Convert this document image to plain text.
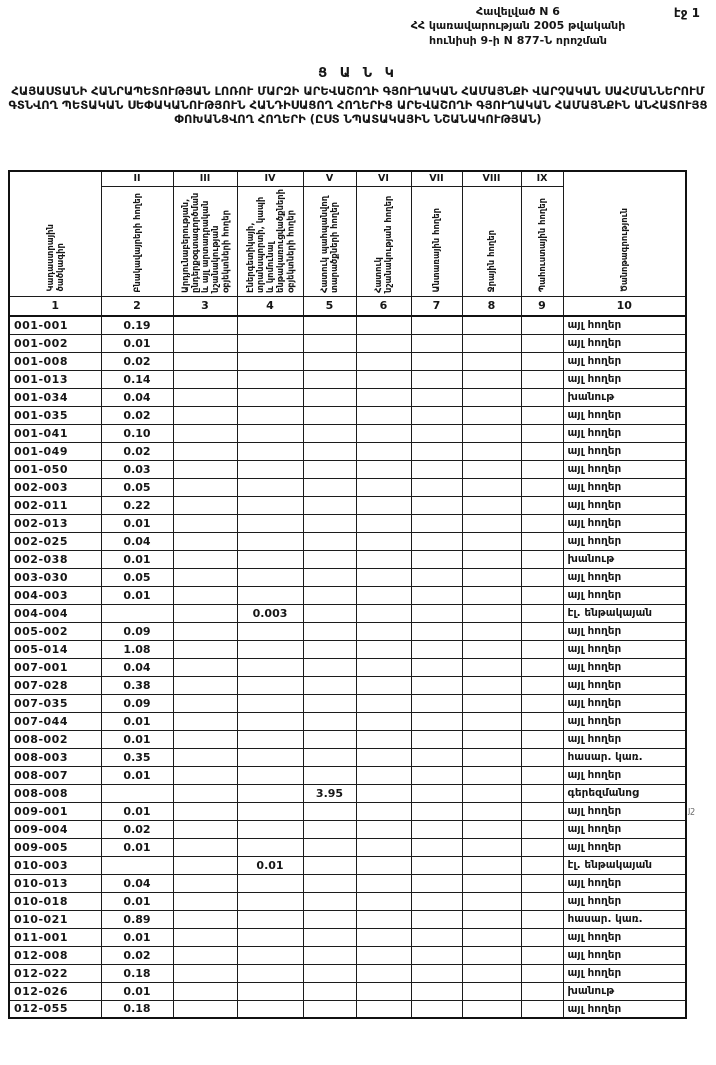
էջ 1
Հավելված N 6
ՀՀ կառավարության 2005 թվականի
հունիսի 9-ի N 877-Ն որոշման
Ց Ա Ն Կ
ՀԱՅԱՍՏԱՆԻ ՀԱՆՐԱՊԵՏՈՒԹՅԱՆ ԼՈՌՈՒ ՄԱՐԶԻ ԱՐԵՎԱՇՈՂԻ ԳՅՈՒՂԱԿԱՆ ՀԱՄԱՅՆՔԻ ՎԱՐՉԱԿԱՆ ՍԱՀՄԱՆՆԵՐՈՒՄ ԳՏՆՎՈՂ ՊԵՏԱԿԱՆ ՍԵՓԱԿԱՆՈՒԹՅՈՒՆ ՀԱՆԴԻՍԱՑՈՂ ՀՈՂԵՐԻՑ ԱՐԵՎԱՇՈՂԻ ԳՅՈՒՂԱԿԱՆ ՀԱՄԱՅՆՔԻՆ ԱՆՀԱՏՈՒՅՑ ՓՈԽԱՆՑՎՈՂ ՀՈՂԵՐԻ (ԸՍՏ ՆՊԱՏԱԿԱՅԻՆ ՆՇԱՆԱԿՈՒԹՅԱՆ)
Կադաստրային ծածկագիր	II	III	IV	V	VI	VII	VIII	IX	Ծանոթագրություն

	Բնակավայրերի հողեր	Արդյունաբերության, ընդերքօգտագործման և այլ արտադրական նշանակության օբյեկտների հողեր	Էներգետիկայի, տրանսպորտի, կապի և կոմունալ ենթակառուցվածքների օբյեկտների հողեր	Հատուկ պահպանվող տարածքների հողեր	Հատուկ նշանակության հողեր	Անտառային հողեր	Ջրային հողեր	Պահուստային հողեր	

1	2	3	4	5	6	7	8	9	10
001-001	0.19								այլ հողեր
001-002	0.01								այլ հողեր
001-008	0.02								այլ հողեր
001-013	0.14								այլ հողեր
001-034	0.04								խանութ
001-035	0.02								այլ հողեր
001-041	0.10								այլ հողեր
001-049	0.02								այլ հողեր
001-050	0.03								այլ հողեր
002-003	0.05								այլ հողեր
002-011	0.22								այլ հողեր
002-013	0.01								այլ հողեր
002-025	0.04								այլ հողեր
002-038	0.01								խանութ
003-030	0.05								այլ հողեր
004-003	0.01								այլ հողեր
004-004			0.003						էլ. ենթակայան
005-002	0.09								այլ հողեր
005-014	1.08								այլ հողեր
007-001	0.04								այլ հողեր
007-028	0.38								այլ հողեր
007-035	0.09								այլ հողեր
007-044	0.01								այլ հողեր
008-002	0.01								այլ հողեր
008-003	0.35								հասար. կառ.
008-007	0.01								այլ հողեր
008-008				3.95					գերեզմանոց
009-001	0.01								այլ հողեր
009-004	0.02								այլ հողեր
009-005	0.01								այլ հողեր
010-003			0.01						էլ. ենթակայան
010-013	0.04								այլ հողեր
010-018	0.01								այլ հողեր
010-021	0.89								հասար. կառ.
011-001	0.01								այլ հողեր
012-008	0.02								այլ հողեր
012-022	0.18								այլ հողեր
012-026	0.01								խանութ
012-055	0.18								այլ հողեր
յշ
